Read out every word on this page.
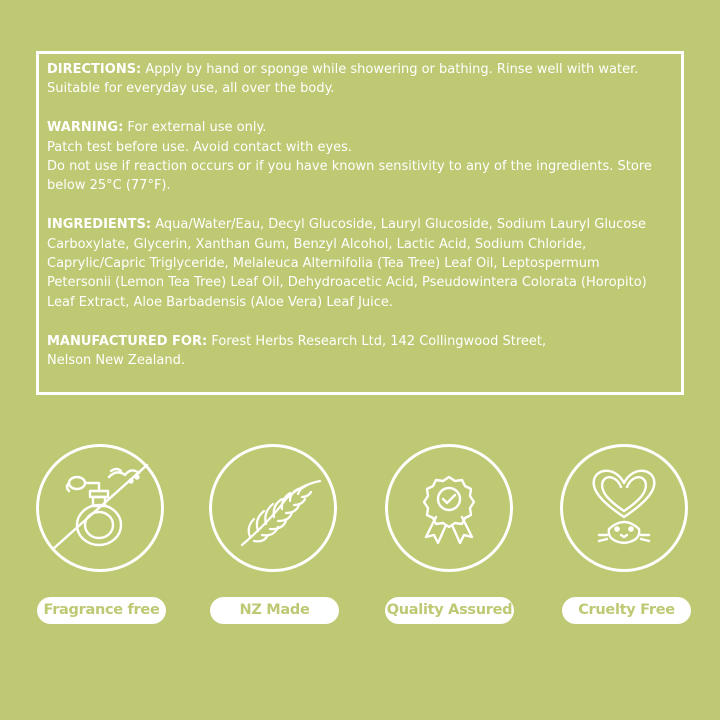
DIRECTIONS: Apply by hand or sponge while showering or bathing. Rinse well with water.
Suitable for everyday use, all over the body.
WARNING: For external use only.
Patch test before use. Avoid contact with eyes.
Do not use if reaction occurs or if you have known sensitivity to any of the ingredients. Store
below 25°C (77°F).
INGREDIENTS: Aqua/Water/Eau, Decyl Glucoside, Lauryl Glucoside, Sodium Lauryl Glucose
Carboxylate, Glycerin, Xanthan Gum, Benzyl Alcohol, Lactic Acid, Sodium Chloride,
Caprylic/Capric Triglyceride, Melaleuca Alternifolia (Tea Tree) Leaf Oil, Leptospermum
Petersonii (Lemon Tea Tree) Leaf Oil, Dehydroacetic Acid, Pseudowintera Colorata (Horopito)
Leaf Extract, Aloe Barbadensis (Aloe Vera) Leaf Juice.
MANUFACTURED FOR: Forest Herbs Research Ltd, 142 Collingwood Street,
Nelson New Zealand.
Fragrance free	NZ Made	Quality Assured	Cruelty Free
